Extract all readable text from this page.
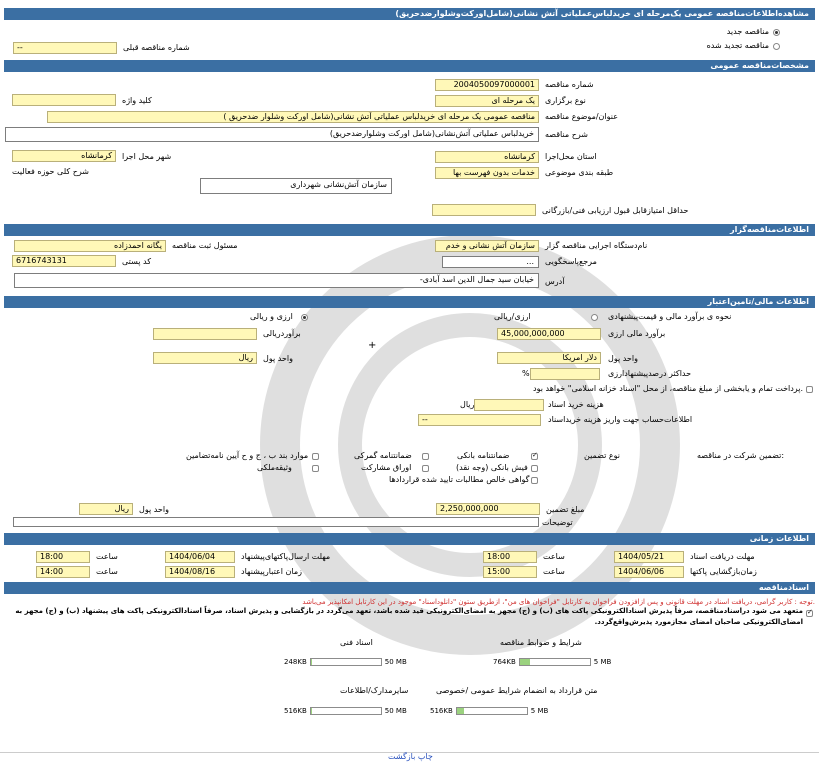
مشاهده‌اطلاعات‌مناقصه عمومی یک‌مرحله ای خریدلباس‌عملیاتی آتش نشانی(شامل‌اورکت‌وشلوارضدحریق)
مناقصه جدید
مناقصه تجدید شده
--	شماره مناقصه قبلی
مشخصات‌مناقصه عمومی
2004050097000001	شماره مناقصه
یک مرحله ای	نوع برگزاری
کلید واژه
مناقصه عمومی یک مرحله ای خریدلباس عملیاتی آتش نشانی(شامل اورکت وشلوار ضدحریق )	عنوان/موضوع مناقصه
خریدلباس عملیاتی آتش‌نشانی(شامل اورکت وشلوارضدحریق)	شرح مناقصه
کرمانشاه	استان محل‌اجرا
کرمانشاه	شهر محل اجرا
خدمات بدون فهرست بها	طبقه بندی موضوعی
شرح کلی حوزه فعالیت
سازمان آتش‌نشانی شهرداری
حداقل امتیازقابل قبول ارزیابی فنی/بازرگانی
اطلاعات‌مناقصه‌گزار
سازمان آتش نشانی و خدم	نام‌دستگاه اجرایی مناقصه گزار
یگانه احمدزاده	مسئول ثبت مناقصه
...	مرجع‌پاسخگویی
6716743131	کد پستی
خیابان سید جمال الدین اسد آبادی-	آدرس
اطلاعات مالی/تامین‌اعتبار
نحوه ی برآورد مالی و قیمت‌پیشنهادی
ارزی/ریالی
ارزی و ریالی
45,000,000,000	برآورد مالی ارزی
برآوردریالی
+
دلار امریکا	واحد پول
ریال	واحد پول
%	حداکثر درصدپیشنهادارزی
پرداخت تمام و یابخشی از مبلغ مناقصه، از محل "اسناد خزانه اسلامی" خواهد بود.
ریال	هزینه خرید اسناد
--	اطلاعات‌حساب جهت واریز هزینه خریداسناد
تضمین شرکت در مناقصه:
نوع تضمین
✓
ضمانتنامه بانکی
ضمانتنامه گمرکی
موارد بند ب ، ج و ح آیین نامه‌تضامین
فیش بانکی (وجه نقد)
اوراق مشارکت
وثیقه‌ملکی
گواهی خالص مطالبات تایید شده قراردادها
2,250,000,000	مبلغ تضمین
ریال	واحد پول
توضیحات
اطلاعات زمانی
1404/05/21	مهلت دریافت اسناد
18:00	ساعت
1404/06/04	مهلت ارسال‌پاکتهای‌پیشنهاد
18:00	ساعت
1404/06/06	زمان‌بازگشایی پاکتها
15:00	ساعت
1404/08/16	زمان اعتبارپیشنهاد
14:00	ساعت
اسنادمناقصه
توجه : کاربر گرامی، دریافت اسناد در مهلت قانونی و پس ازافزودن فراخوان به کارتابل "فراخوان های من"، ازطریق ستون "دانلوداسناد" موجود در این کارتابل امکانپذیر می‌باشد.
✓
متعهد می شود دراسنادمناقصه، صرفاً پذیرش اسنادالکترونیکی پاکت های (ب) و (ج) مجهز به امضای‌الکترونیکی قید شده باشد، تعهد می‌گردد در بازگشایی و پذیرش اسناد، صرفاً اسنادالکترونیکی پاکت های پیشنهاد (ب) و (ج) مجهز به امضای‌الکترونیکی صاحبان امضای مجازمورد پذیرش‌واقع‌گردد.
شرایط و ضوابط مناقصه
764KB	5 MB
اسناد فنی
248KB	50 MB
متن قرارداد به انضمام شرایط عمومی /خصوصی
516KB	5 MB
سایرمدارک/اطلاعات
516KB	50 MB
چاپ بازگشت
